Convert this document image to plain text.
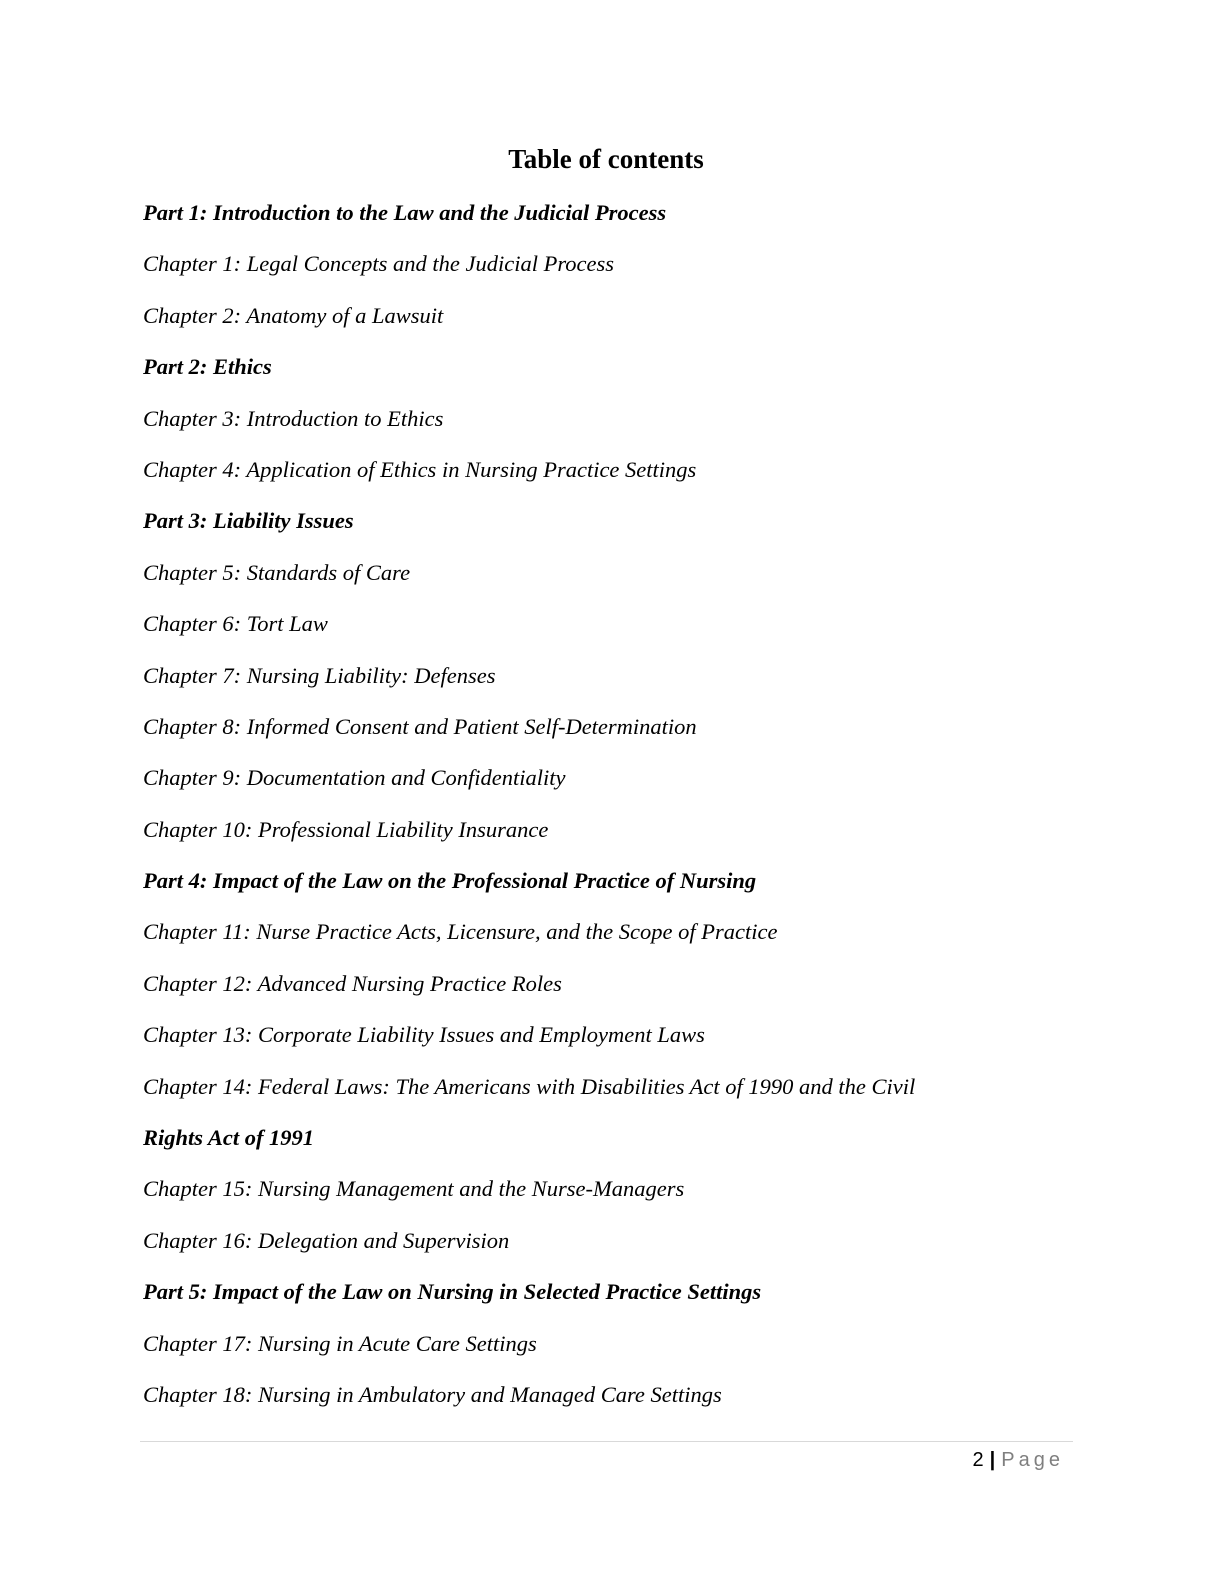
Table of contents
Part 1: Introduction to the Law and the Judicial Process
Chapter 1: Legal Concepts and the Judicial Process
Chapter 2: Anatomy of a Lawsuit
Part 2: Ethics
Chapter 3: Introduction to Ethics
Chapter 4: Application of Ethics in Nursing Practice Settings
Part 3: Liability Issues
Chapter 5: Standards of Care
Chapter 6: Tort Law
Chapter 7: Nursing Liability: Defenses
Chapter 8: Informed Consent and Patient Self-Determination
Chapter 9: Documentation and Confidentiality
Chapter 10: Professional Liability Insurance
Part 4: Impact of the Law on the Professional Practice of Nursing
Chapter 11: Nurse Practice Acts, Licensure, and the Scope of Practice
Chapter 12: Advanced Nursing Practice Roles
Chapter 13: Corporate Liability Issues and Employment Laws
Chapter 14: Federal Laws: The Americans with Disabilities Act of 1990 and the Civil
Rights Act of 1991
Chapter 15: Nursing Management and the Nurse-Managers
Chapter 16: Delegation and Supervision
Part 5: Impact of the Law on Nursing in Selected Practice Settings
Chapter 17: Nursing in Acute Care Settings
Chapter 18: Nursing in Ambulatory and Managed Care Settings
2 | Page
